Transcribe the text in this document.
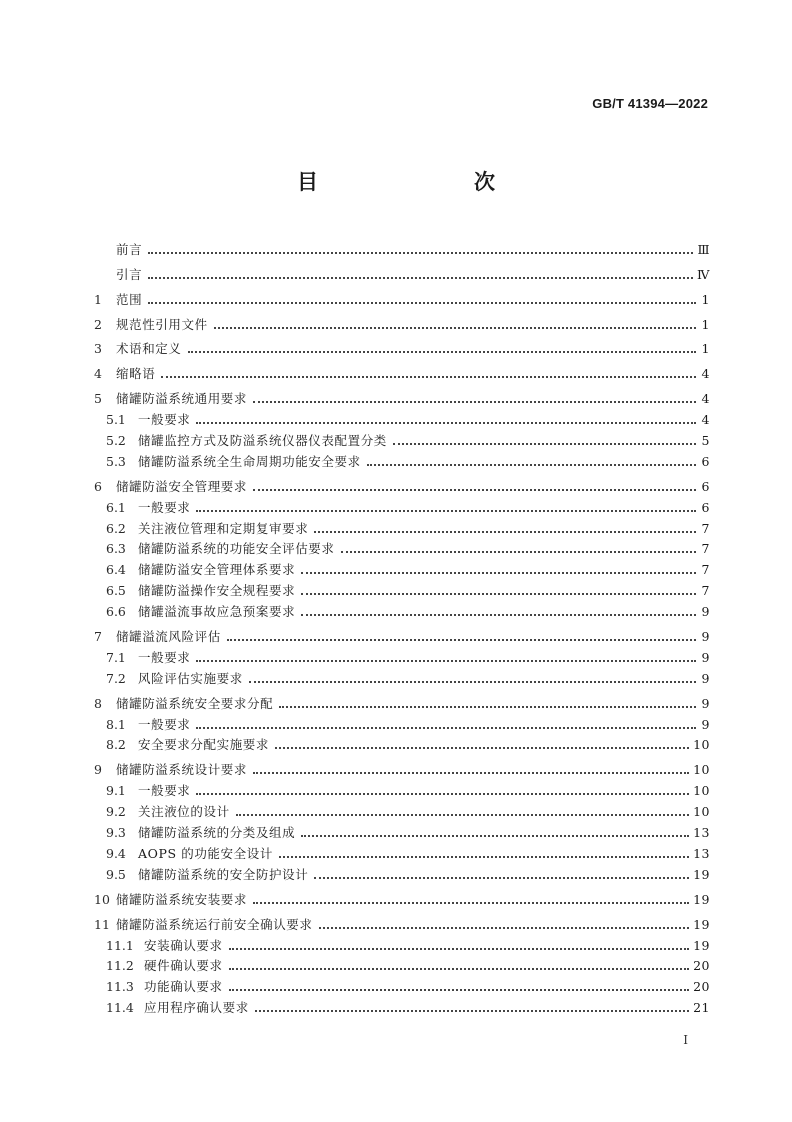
GB/T 41394—2022
目　　次
前言	Ⅲ
引言	Ⅳ
1	范围	1
2	规范性引用文件	1
3	术语和定义	1
4	缩略语	4
5	储罐防溢系统通用要求	4
5.1 一般要求	4
5.2 储罐监控方式及防溢系统仪器仪表配置分类	5
5.3 储罐防溢系统全生命周期功能安全要求	6
6	储罐防溢安全管理要求	6
6.1 一般要求	6
6.2 关注液位管理和定期复审要求	7
6.3 储罐防溢系统的功能安全评估要求	7
6.4 储罐防溢安全管理体系要求	7
6.5 储罐防溢操作安全规程要求	7
6.6 储罐溢流事故应急预案要求	9
7	储罐溢流风险评估	9
7.1 一般要求	9
7.2 风险评估实施要求	9
8	储罐防溢系统安全要求分配	9
8.1 一般要求	9
8.2 安全要求分配实施要求	10
9	储罐防溢系统设计要求	10
9.1 一般要求	10
9.2 关注液位的设计	10
9.3 储罐防溢系统的分类及组成	13
9.4 AOPS 的功能安全设计	13
9.5 储罐防溢系统的安全防护设计	19
10 储罐防溢系统安装要求	19
11 储罐防溢系统运行前安全确认要求	19
11.1 安装确认要求	19
11.2 硬件确认要求	20
11.3 功能确认要求	20
11.4 应用程序确认要求	21
I
